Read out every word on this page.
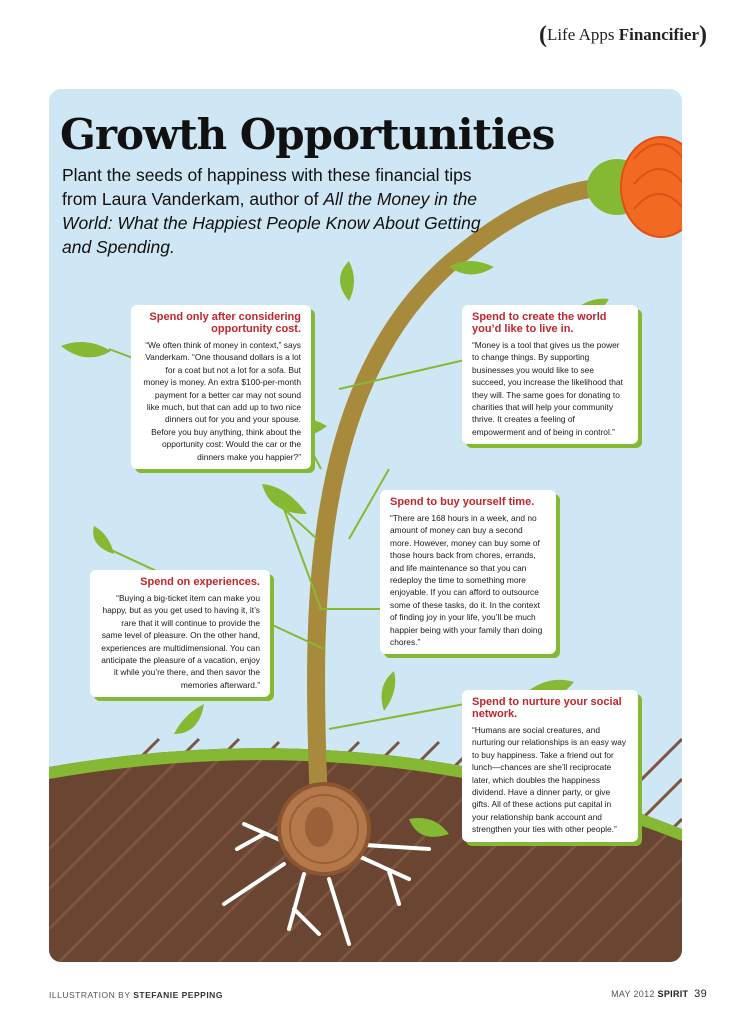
(Life Apps Financifier)
Growth Opportunities

Plant the seeds of happiness with these financial tips from Laura Vanderkam, author of All the Money in the World: What the Happiest People Know About Getting and Spending.

Spend only after considering opportunity cost.

“We often think of money in context,” says Vanderkam. “One thousand dollars is a lot for a coat but not a lot for a sofa. But money is money. An extra $100-per-month payment for a better car may not sound like much, but that can add up to two nice dinners out for you and your spouse. Before you buy anything, think about the opportunity cost: Would the car or the dinners make you happier?”

Spend to create the world you’d like to live in.

“Money is a tool that gives us the power to change things. By supporting businesses you would like to see succeed, you increase the likelihood that they will. The same goes for donating to charities that will help your community thrive. It creates a feeling of empowerment and of being in control.”

Spend to buy yourself time.

“There are 168 hours in a week, and no amount of money can buy a second more. However, money can buy some of those hours back from chores, errands, and life maintenance so that you can redeploy the time to something more enjoyable. If you can afford to outsource some of these tasks, do it. In the context of finding joy in your life, you’ll be much happier being with your family than doing chores.”

Spend on experiences.

“Buying a big-ticket item can make you happy, but as you get used to having it, it’s rare that it will continue to provide the same level of pleasure. On the other hand, experiences are multidimensional. You can anticipate the pleasure of a vacation, enjoy it while you’re there, and then savor the memories afterward.”

Spend to nurture your social network.

“Humans are social creatures, and nurturing our relationships is an easy way to buy happiness. Take a friend out for lunch—chances are she’ll reciprocate later, which doubles the happiness dividend. Have a dinner party, or give gifts. All of these actions put capital in your relationship bank account and strengthen your ties with other people.”

ILLUSTRATION BY STEFANIE PEPPING	MAY 2012 SPIRIT 39
